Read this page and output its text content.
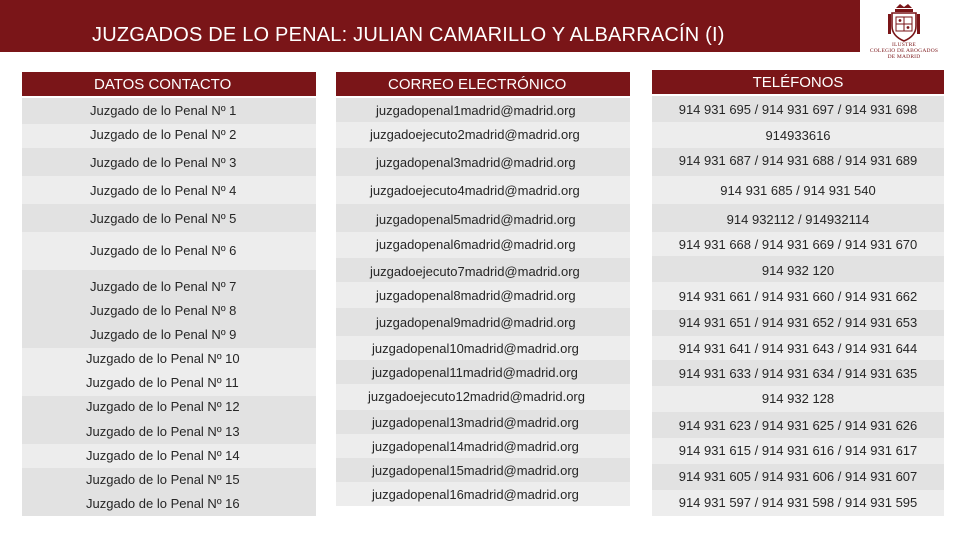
JUZGADOS DE LO PENAL: JULIAN CAMARILLO Y ALBARRACÍN (I)	ILUSTRE
COLEGIO DE ABOGADOS
DE MADRID
DATOS CONTACTO
Juzgado de lo Penal Nº 1
Juzgado de lo Penal Nº 2
Juzgado de lo Penal Nº 3
Juzgado de lo Penal Nº 4
Juzgado de lo Penal Nº 5
Juzgado de lo Penal Nº 6
Juzgado de lo Penal Nº 7
Juzgado de lo Penal Nº 8
Juzgado de lo Penal Nº 9
Juzgado de lo Penal Nº 10
Juzgado de lo Penal Nº 11
Juzgado de lo Penal Nº 12
Juzgado de lo Penal Nº 13
Juzgado de lo Penal Nº 14
Juzgado de lo Penal Nº 15
Juzgado de lo Penal Nº 16
CORREO ELECTRÓNICO
juzgadopenal1madrid@madrid.org
juzgadoejecuto2madrid@madrid.org
juzgadopenal3madrid@madrid.org
juzgadoejecuto4madrid@madrid.org
juzgadopenal5madrid@madrid.org
juzgadopenal6madrid@madrid.org
juzgadoejecuto7madrid@madrid.org
juzgadopenal8madrid@madrid.org
juzgadopenal9madrid@madrid.org
juzgadopenal10madrid@madrid.org
juzgadopenal11madrid@madrid.org
juzgadoejecuto12madrid@madrid.org
juzgadopenal13madrid@madrid.org
juzgadopenal14madrid@madrid.org
juzgadopenal15madrid@madrid.org
juzgadopenal16madrid@madrid.org
TELÉFONOS
914 931 695 / 914 931 697 / 914 931 698
914933616
914 931 687 / 914 931 688 / 914 931 689
914 931 685 / 914 931 540
914 932112 / 914932114
914 931 668 / 914 931 669 / 914 931 670
914 932 120
914 931 661 / 914 931 660 / 914 931 662
914 931 651 / 914 931 652 / 914 931 653
914 931 641 / 914 931 643 / 914 931 644
914 931 633 / 914 931 634 / 914 931 635
914 932 128
914 931 623 / 914 931 625 / 914 931 626
914 931 615 / 914 931 616 / 914 931 617
914 931 605 / 914 931 606 / 914 931 607
914 931 597 / 914 931 598 / 914 931 595
